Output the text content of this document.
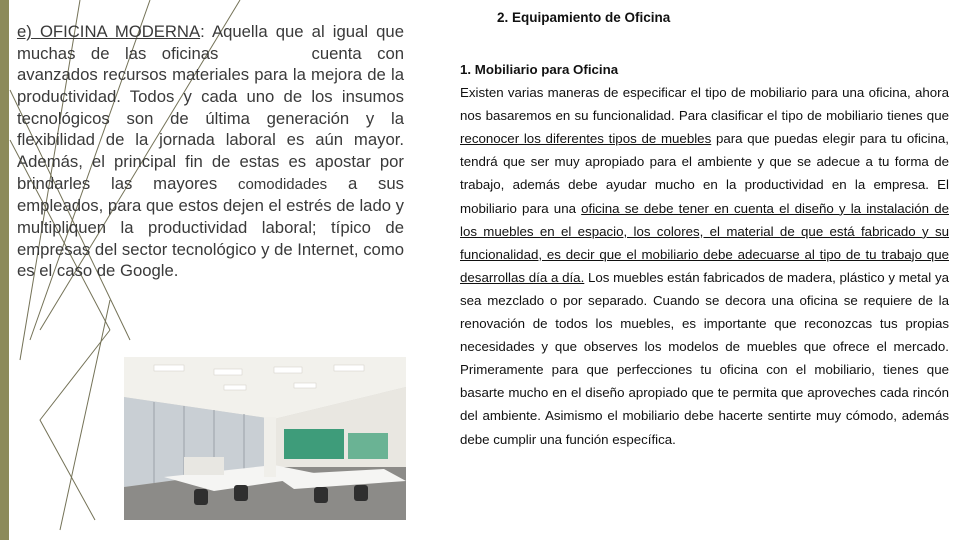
e) OFICINA MODERNA: Aquella que al igual que muchas de las oficinas virtuales cuenta con avanzados recursos materiales para la mejora de la productividad. Todos y cada uno de los insumos tecnológicos son de última generación y la flexibilidad de la jornada laboral es aún mayor. Además, el principal fin de estas es apostar por brindarles las mayores comodidades a sus empleados, para que estos dejen el estrés de lado y multipliquen la productividad laboral; típico de empresas del sector tecnológico y de Internet, como es el caso de Google.
2. Equipamiento de Oficina
1. Mobiliario para Oficina
Existen varias maneras de especificar el tipo de mobiliario para una oficina, ahora nos basaremos en su funcionalidad. Para clasificar el tipo de mobiliario tienes que reconocer los diferentes tipos de muebles para que puedas elegir para tu oficina, tendrá que ser muy apropiado para el ambiente y que se adecue a tu forma de trabajo, además debe ayudar mucho en la productividad en la empresa. El mobiliario para una oficina se debe tener en cuenta el diseño y la instalación de los muebles en el espacio, los colores, el material de que está fabricado y su funcionalidad, es decir que el mobiliario debe adecuarse al tipo de tu trabajo que desarrollas día a día. Los muebles están fabricados de madera, plástico y metal ya sea mezclado o por separado. Cuando se decora una oficina se requiere de la renovación de todos los muebles, es importante que reconozcas tus propias necesidades y que observes los modelos de muebles que ofrece el mercado. Primeramente para que perfecciones tu oficina con el mobiliario, tienes que basarte mucho en el diseño apropiado que te permita que aproveches cada rincón del ambiente. Asimismo el mobiliario debe hacerte sentirte muy cómodo, además debe cumplir una función específica.
